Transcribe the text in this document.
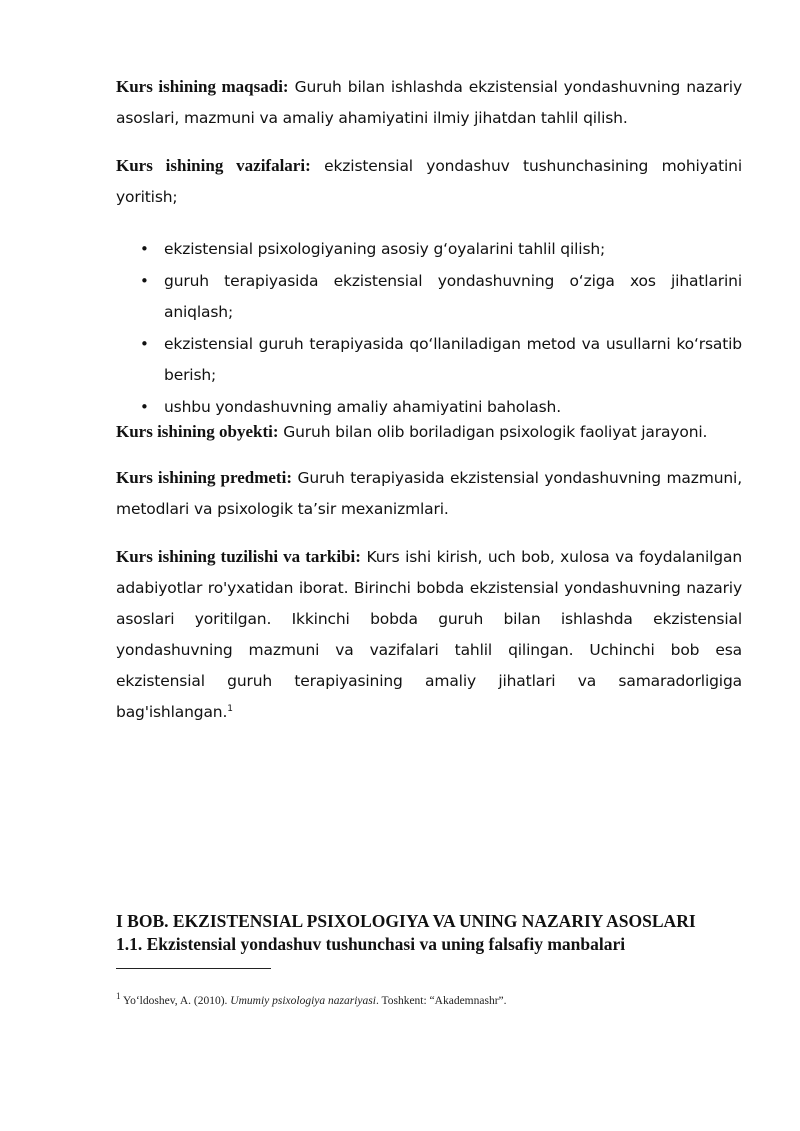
Kurs ishining maqsadi: Guruh bilan ishlashda ekzistensial yondashuvning nazariy asoslari, mazmuni va amaliy ahamiyatini ilmiy jihatdan tahlil qilish.

Kurs ishining vazifalari: ekzistensial yondashuv tushunchasining mohiyatini yoritish;

• ekzistensial psixologiyaning asosiy g‘oyalarini tahlil qilish;
• guruh terapiyasida ekzistensial yondashuvning o‘ziga xos jihatlarini aniqlash;
• ekzistensial guruh terapiyasida qo‘llaniladigan metod va usullarni ko‘rsatib berish;
• ushbu yondashuvning amaliy ahamiyatini baholash.

Kurs ishining obyekti: Guruh bilan olib boriladigan psixologik faoliyat jarayoni.

Kurs ishining predmeti: Guruh terapiyasida ekzistensial yondashuvning mazmuni, metodlari va psixologik taʼsir mexanizmlari.

Kurs ishining tuzilishi va tarkibi: Kurs ishi kirish, uch bob, xulosa va foydalanilgan adabiyotlar ro'yxatidan iborat. Birinchi bobda ekzistensial yondashuvning nazariy asoslari yoritilgan. Ikkinchi bobda guruh bilan ishlashda ekzistensial yondashuvning mazmuni va vazifalari tahlil qilingan. Uchinchi bob esa ekzistensial guruh terapiyasining amaliy jihatlari va samaradorligiga bag'ishlangan.$^1$

I BOB. EKZISTENSIAL PSIXOLOGIYA VA UNING NAZARIY ASOSLARI
1.1. Ekzistensial yondashuv tushunchasi va uning falsafiy manbalari
$^1$ Yo‘ldoshev, A. (2010). Umumiy psixologiya nazariyasi. Toshkent: “Akademnashr”.
